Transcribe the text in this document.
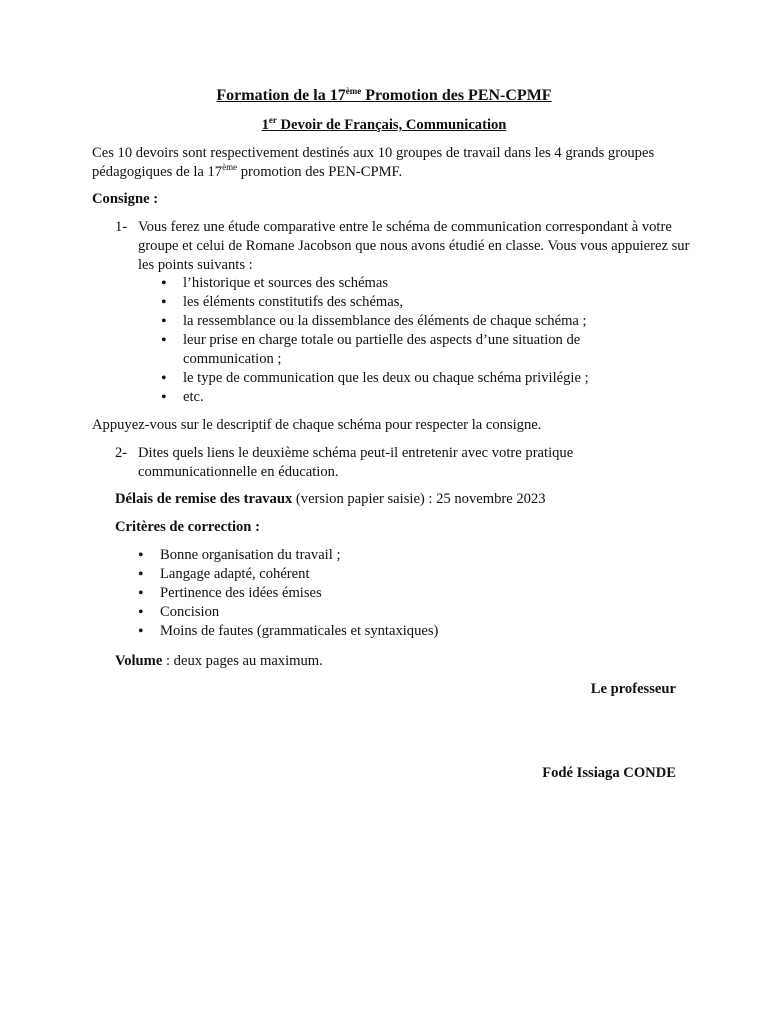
Formation de la 17ème Promotion des PEN-CPMF
1er Devoir de Français, Communication
Ces 10 devoirs sont respectivement destinés aux 10 groupes de travail dans les 4 grands groupes pédagogiques de la 17ème promotion des PEN-CPMF.
Consigne :
1- Vous ferez une étude comparative entre le schéma de communication correspondant à votre groupe et celui de Romane Jacobson que nous avons étudié en classe. Vous vous appuierez sur les points suivants :
• l’historique et sources des schémas
• les éléments constitutifs des schémas,
• la ressemblance ou la dissemblance des éléments de chaque schéma ;
• leur prise en charge totale ou partielle des aspects d’une situation de communication ;
• le type de communication que les deux ou chaque schéma privilégie ;
• etc.
Appuyez-vous sur le descriptif de chaque schéma pour respecter la consigne.
2- Dites quels liens le deuxième schéma peut-il entretenir avec votre pratique communicationnelle en éducation.
Délais de remise des travaux (version papier saisie) : 25 novembre 2023
Critères de correction :
• Bonne organisation du travail ;
• Langage adapté, cohérent
• Pertinence des idées émises
• Concision
• Moins de fautes (grammaticales et syntaxiques)
Volume : deux pages au maximum.
Le professeur
Fodé Issiaga CONDE
